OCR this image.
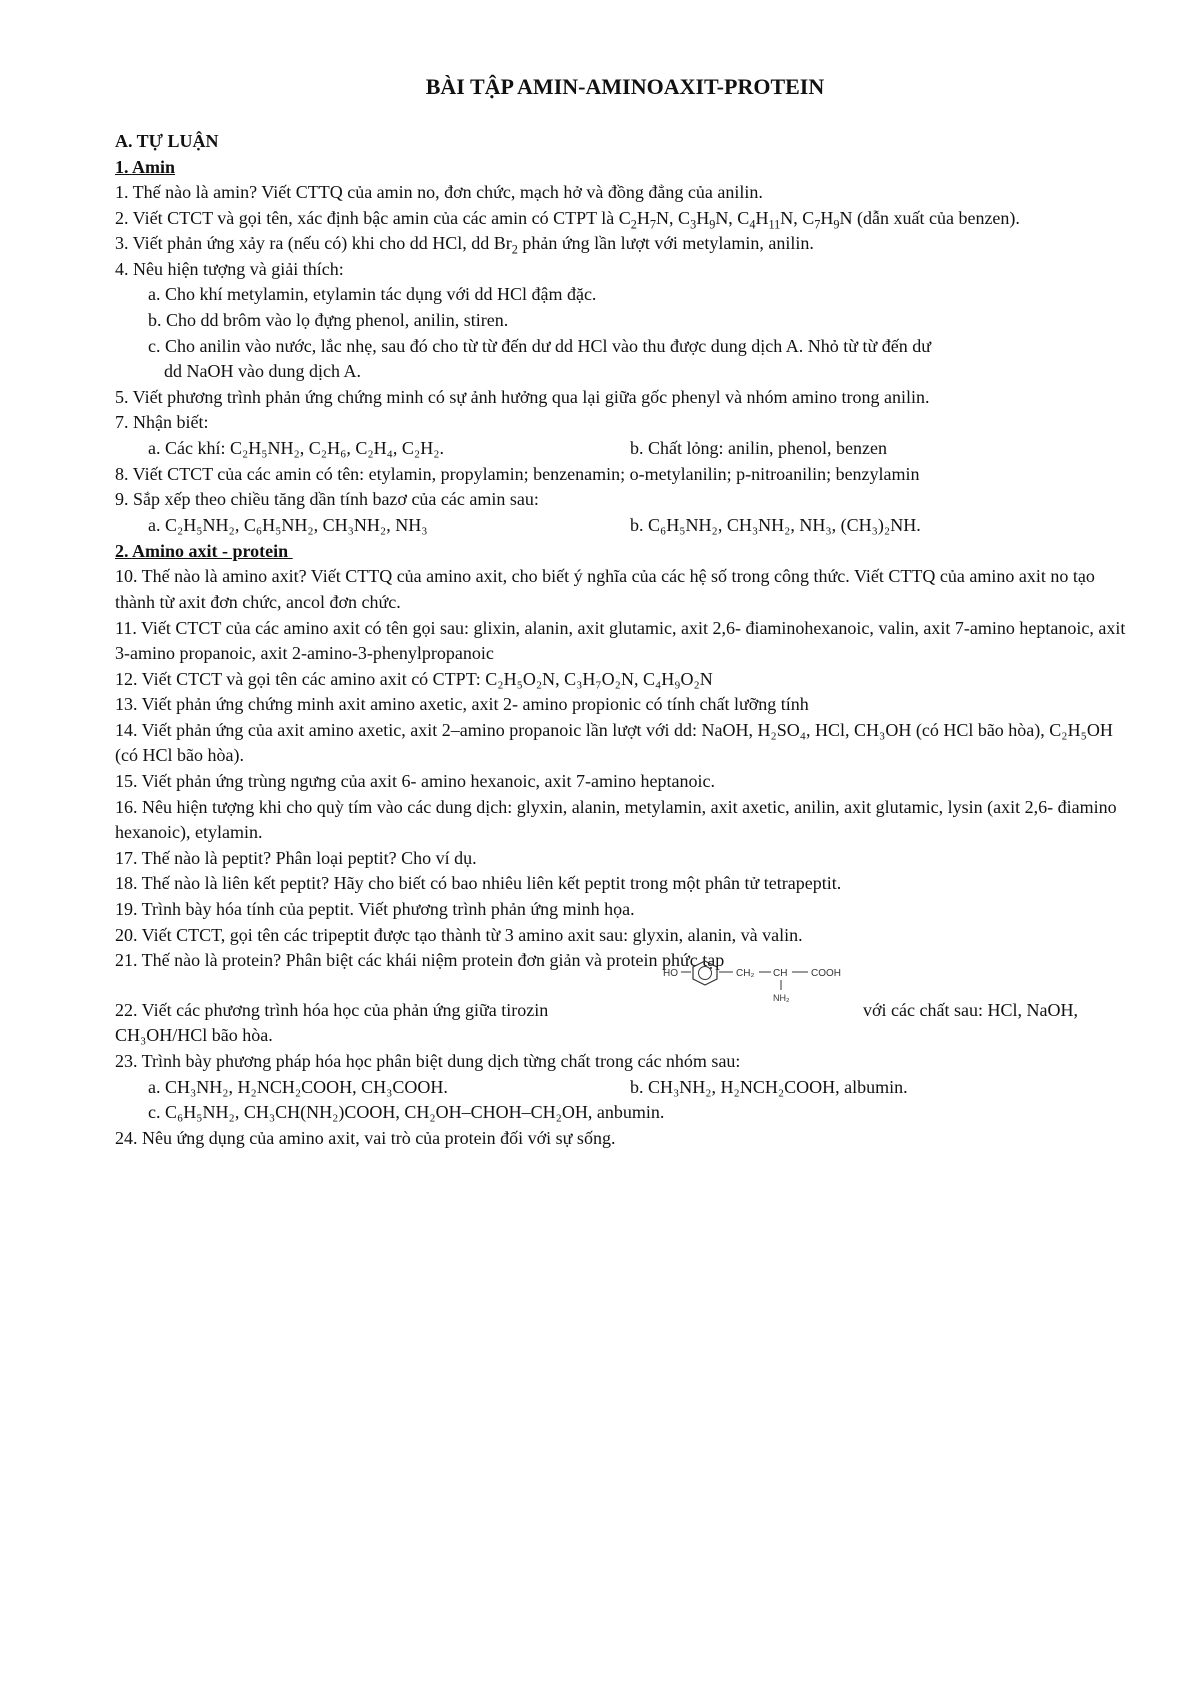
BÀI TẬP AMIN-AMINOAXIT-PROTEIN
A. TỰ LUẬN
1. Amin
1. Thế nào là amin? Viết CTTQ của amin no, đơn chức, mạch hở và đồng đẳng của anilin.
2. Viết CTCT và gọi tên, xác định bậc amin của các amin có CTPT là $C_2H_7N$, $C_3H_9N$, $C_4H_{11}N$, $C_7H_9N$ (dẫn xuất của benzen).
3. Viết phản ứng xảy ra (nếu có) khi cho dd HCl, dd $Br_2$ phản ứng lần lượt với metylamin, anilin.
4. Nêu hiện tượng và giải thích:
a. Cho khí metylamin, etylamin tác dụng với dd HCl đậm đặc.
b. Cho dd brôm vào lọ đựng phenol, anilin, stiren.
c. Cho anilin vào nước, lắc nhẹ, sau đó cho từ từ đến dư dd HCl vào thu được dung dịch A. Nhỏ từ từ đến dư
dd NaOH vào dung dịch A.
5. Viết phương trình phản ứng chứng minh có sự ảnh hưởng qua lại giữa gốc phenyl và nhóm amino trong anilin.
7. Nhận biết:
a. Các khí: C₂H₅NH₂, C₂H₆, C₂H₄, C₂H₂.	b. Chất lỏng: anilin, phenol, benzen
8. Viết CTCT của các amin có tên: etylamin, propylamin; benzenamin; o-metylanilin; p-nitroanilin; benzylamin
9. Sắp xếp theo chiều tăng dần tính bazơ của các amin sau:
a. C₂H₅NH₂, C₆H₅NH₂, CH₃NH₂, NH₃	b. C₆H₅NH₂, CH₃NH₂, NH₃, (CH₃)₂NH.
2. Amino axit - protein
10. Thế nào là amino axit? Viết CTTQ của amino axit, cho biết ý nghĩa của các hệ số trong công thức. Viết CTTQ của amino axit no tạo thành từ axit đơn chức, ancol đơn chức.
11. Viết CTCT của các amino axit có tên gọi sau: glixin, alanin, axit glutamic, axit 2,6- điaminohexanoic, valin, axit 7-amino heptanoic, axit 3-amino propanoic, axit 2-amino-3-phenylpropanoic
12. Viết CTCT và gọi tên các amino axit có CTPT: C₂H₅O₂N, C₃H₇O₂N, C₄H₉O₂N
13. Viết phản ứng chứng minh axit amino axetic, axit 2- amino propionic có tính chất lưỡng tính
14. Viết phản ứng của axit amino axetic, axit 2–amino propanoic lần lượt với dd: NaOH, H₂SO₄, HCl, CH₃OH (có HCl bão hòa), C₂H₅OH (có HCl bão hòa).
15. Viết phản ứng trùng ngưng của axit 6- amino hexanoic, axit 7-amino heptanoic.
16. Nêu hiện tượng khi cho quỳ tím vào các dung dịch: glyxin, alanin, metylamin, axit axetic, anilin, axit glutamic, lysin (axit 2,6- điamino hexanoic), etylamin.
17. Thế nào là peptit? Phân loại peptit? Cho ví dụ.
18. Thế nào là liên kết peptit? Hãy cho biết có bao nhiêu liên kết peptit trong một phân tử tetrapeptit.
19. Trình bày hóa tính của peptit. Viết phương trình phản ứng minh họa.
20. Viết CTCT, gọi tên các tripeptit được tạo thành từ 3 amino axit sau: glyxin, alanin, và valin.
21. Thế nào là protein? Phân biệt các khái niệm protein đơn giản và protein phức tạp
22. Viết các phương trình hóa học của phản ứng giữa tirozin
HO	CH₂ CH COOH
NH₂
với các chất sau: HCl, NaOH,
CH₃OH/HCl bão hòa.
23. Trình bày phương pháp hóa học phân biệt dung dịch từng chất trong các nhóm sau:
a. CH₃NH₂, H₂NCH₂COOH, CH₃COOH.	b. CH₃NH₂, H₂NCH₂COOH, albumin.
c. C₆H₅NH₂, CH₃CH(NH₂)COOH, CH₂OH–CHOH–CH₂OH, anbumin.
24. Nêu ứng dụng của amino axit, vai trò của protein đối với sự sống.
